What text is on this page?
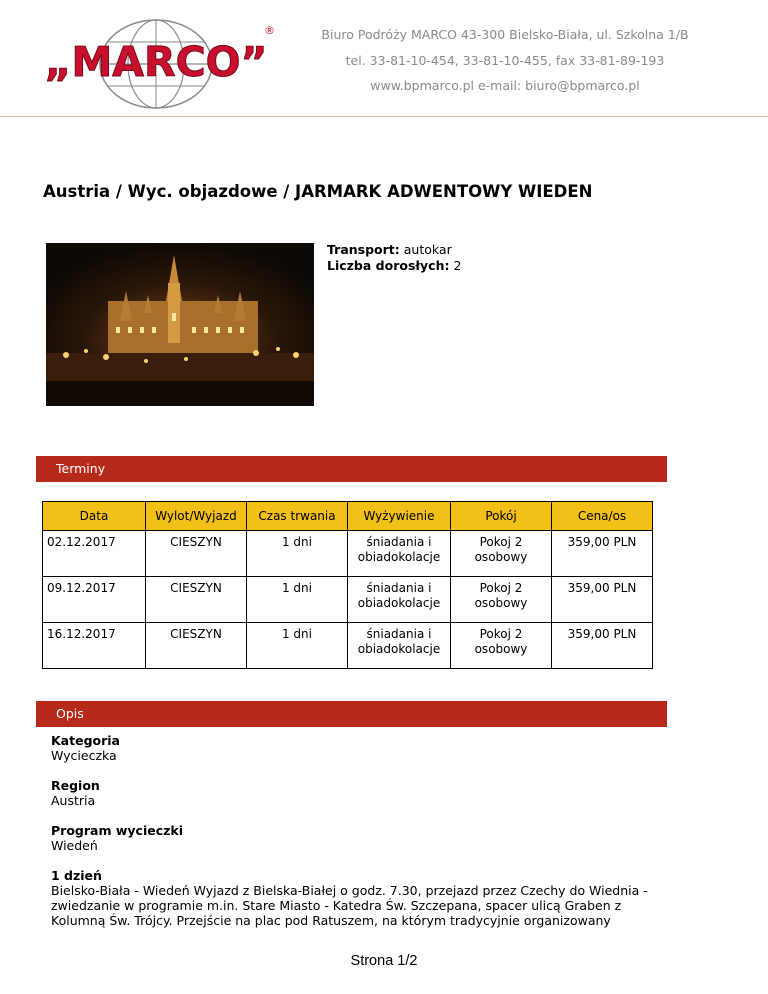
„MARCO”
®	Biuro Podróży MARCO 43-300 Bielsko-Biała, ul. Szkolna 1/B
tel. 33-81-10-454, 33-81-10-455, fax 33-81-89-193
www.bpmarco.pl e-mail: biuro@bpmarco.pl
Austria / Wyc. objazdowe / JARMARK ADWENTOWY WIEDEN
Transport: autokar
Liczba dorosłych: 2
Terminy
Data	Wylot/Wyjazd	Czas trwania	Wyżywienie	Pokój	Cena/os
02.12.2017	CIESZYN	1 dni	śniadania i obiadokolacje	Pokoj 2 osobowy	359,00 PLN
09.12.2017	CIESZYN	1 dni	śniadania i obiadokolacje	Pokoj 2 osobowy	359,00 PLN
16.12.2017	CIESZYN	1 dni	śniadania i obiadokolacje	Pokoj 2 osobowy	359,00 PLN
Opis
Kategoria
Wycieczka
Region
Austria
Program wycieczki
Wiedeń
1 dzień
Bielsko-Biała - Wiedeń Wyjazd z Bielska-Białej o godz. 7.30, przejazd przez Czechy do Wiednia - zwiedzanie w programie m.in. Stare Miasto - Katedra Św. Szczepana, spacer ulicą Graben z Kolumną Św. Trójcy. Przejście na plac pod Ratuszem, na którym tradycyjnie organizowany
Strona 1/2
